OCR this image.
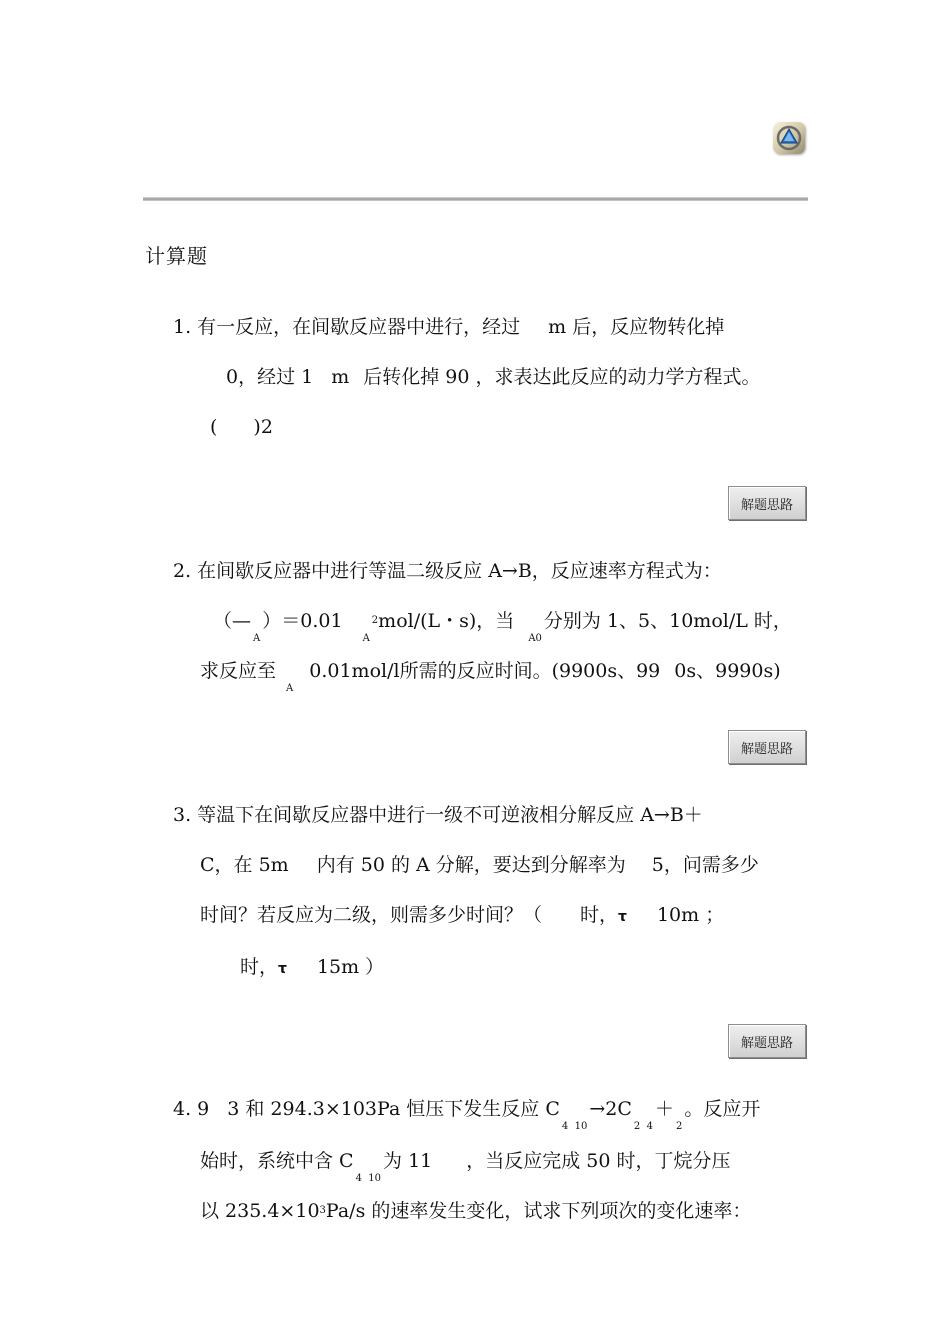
计算题
1. 有一反应，在间歇反应器中进行，经过 m 后，反应物转化掉
0，经过 1 m 后转化掉 90 ，求表达此反应的动力学方程式。
( )2
解题思路
2. 在间歇反应器中进行等温二级反应 A→B，反应速率方程式为：
$(—_A)=0.01_A^2mol/(L$・s)，当$_{A0}$分别为 1、5、10mol/L 时，
求反应至$_A$0.01mol/l所需的反应时间。(9900s、99 0s、9990s)
解题思路
3. 等温下在间歇反应器中进行一级不可逆液相分解反应 A→B＋
C，在 5m 内有 50 的 A 分解，要达到分解率为 5，问需多少
时间？若反应为二级，则需多少时间？（ 时，τ 10m ；
时，τ 15m ）
解题思路
4. 9 3 和 294.3×103Pa 恒压下发生反应 $C_{4 10}\to 2C_{2 4}+_2$。反应开
始时，系统中含 $C_{4 10}$为 11 ，当反应完成 50 时，丁烷分压
以 $235.4\times 10^3Pa/s$ 的速率发生变化，试求下列项次的变化速率：
